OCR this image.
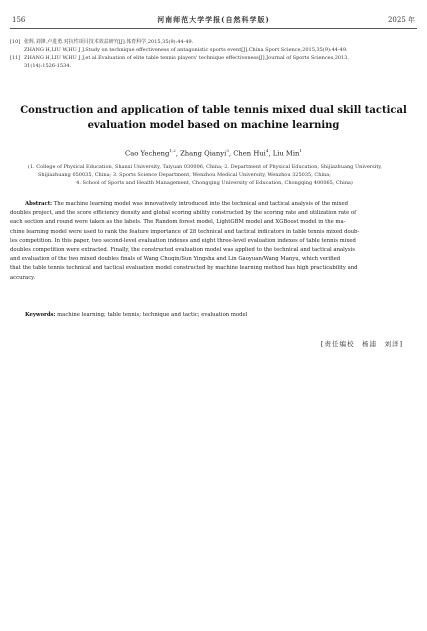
156	河南师范大学学报(自然科学版)	2025 年
[10] 张辉,刘锋,卢进勇.对抗性项目技术效益研究[J].体育科学,2015,35(9):44-49.
ZHANG H,LIU W,HU J J.Study on technique effectiveness of antagonistic sports event[J].China Sport Science,2015,35(9):44-49.
[11] ZHANG H,LIU W,HU J J,et al.Evaluation of elite table tennis players' technique effectiveness[J].Journal of Sports Sciences,2013,
31(14):1526-1534.
Construction and application of table tennis mixed dual skill tactical
evaluation model based on machine learning
Cao Yecheng$^{1,2}$, Zhang Qianyi$^3$, Chen Hui$^4$, Liu Min$^1$
(1. College of Physical Education, Shanxi University, Taiyuan 030006, China; 2. Department of Physical Education, Shijiazhuang University,
Shijiazhuang 050035, China; 3. Sports Science Department, Wenzhou Medical University, Wenzhou 325035, China;
4. School of Sports and Health Management, Chongqing University of Education, Chongqing 400065, China)
Abstract: The machine learning model was innovatively introduced into the technical and tactical analysis of the mixed
doubles project, and the score efficiency density and global scoring ability constructed by the scoring rate and utilization rate of
each section and round were taken as the labels. The Random forest model, LightGBM model and XGBoost model in the ma-
chine learning model were used to rank the feature importance of 28 technical and tactical indicators in table tennis mixed doub-
les competition. In this paper, two second-level evaluation indexes and eight three-level evaluation indexes of table tennis mixed
doubles competition were extracted. Finally, the constructed evaluation model was applied to the technical and tactical analysis
and evaluation of the two mixed doubles finals of Wang Chuqin/Sun Yingsha and Lin Gaoyuan/Wang Manyu, which verified
that the table tennis technical and tactical evaluation model constructed by machine learning method has high practicability and
accuracy.
Keywords: machine learning; table tennis; technique and tactic; evaluation model
[责任编校　杨浦　刘洋]
